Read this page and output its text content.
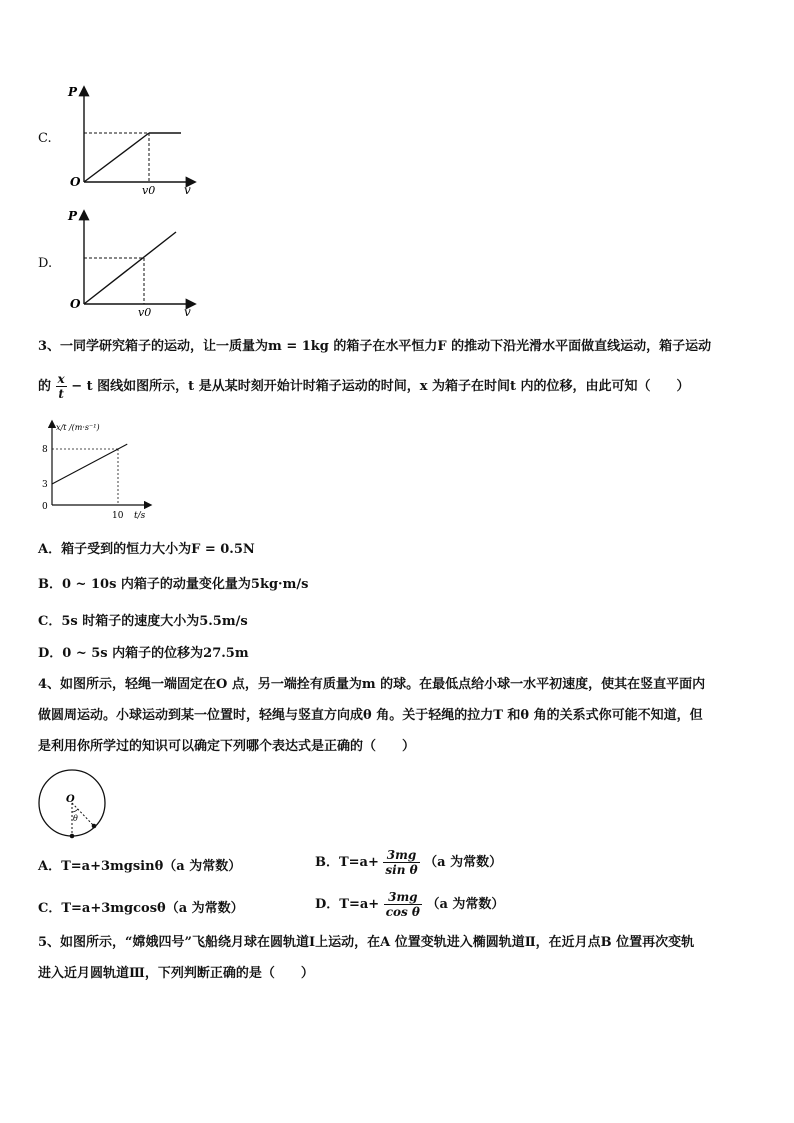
C.
P
O
v0 v
D.
P
O
v0	v
3、一同学研究箱子的运动，让一质量为m = 1kg 的箱子在水平恒力F 的推动下沿光滑水平面做直线运动，箱子运动
的 $\frac{x}{t} - t$ 图线如图所示，t 是从某时刻开始计时箱子运动的时间，x 为箱子在时间t 内的位移，由此可知（　　）
x/t /(m·s⁻¹)
t/s
8
3
0
10
A．箱子受到的恒力大小为F = 0.5N
B．0 ~ 10s 内箱子的动量变化量为5kg·m/s
C．5s 时箱子的速度大小为5.5m/s
D．0 ~ 5s 内箱子的位移为27.5m
4、如图所示，轻绳一端固定在O 点，另一端拴有质量为m 的球。在最低点给小球一水平初速度，使其在竖直平面内
做圆周运动。小球运动到某一位置时，轻绳与竖直方向成θ 角。关于轻绳的拉力T 和θ 角的关系式你可能不知道，但
是利用你所学过的知识可以确定下列哪个表达式是正确的（　　）
O
θ
A．T=a+3mgsinθ（a 为常数）	B．$T=a+ \frac{3mg}{\text{sin θ}} (a$ 为常数）
C．T=a+3mgcosθ（a 为常数）	D．$T=a+ \frac{3mg}{\text{cos θ}} (a$ 为常数）
5、如图所示，“嫦娥四号”飞船绕月球在圆轨道Ⅰ上运动，在A 位置变轨进入椭圆轨道Ⅱ，在近月点B 位置再次变轨
进入近月圆轨道Ⅲ，下列判断正确的是（　　）
